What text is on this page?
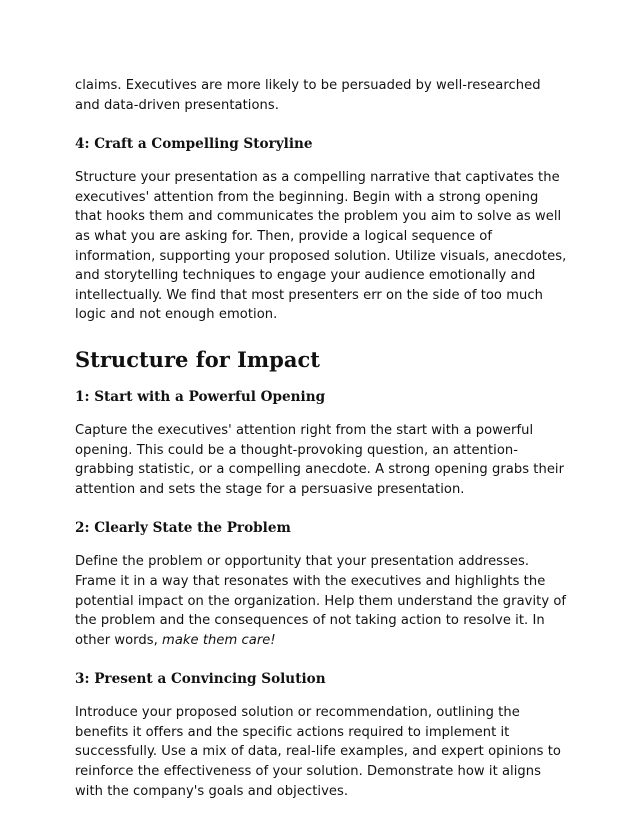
claims. Executives are more likely to be persuaded by well-researched and data-driven presentations.

4: Craft a Compelling Storyline

Structure your presentation as a compelling narrative that captivates the executives' attention from the beginning. Begin with a strong opening that hooks them and communicates the problem you aim to solve as well as what you are asking for. Then, provide a logical sequence of information, supporting your proposed solution. Utilize visuals, anecdotes, and storytelling techniques to engage your audience emotionally and intellectually. We find that most presenters err on the side of too much logic and not enough emotion.

Structure for Impact
1: Start with a Powerful Opening

Capture the executives' attention right from the start with a powerful opening. This could be a thought-provoking question, an attention-grabbing statistic, or a compelling anecdote. A strong opening grabs their attention and sets the stage for a persuasive presentation.

2: Clearly State the Problem

Define the problem or opportunity that your presentation addresses. Frame it in a way that resonates with the executives and highlights the potential impact on the organization. Help them understand the gravity of the problem and the consequences of not taking action to resolve it. In other words, make them care!

3: Present a Convincing Solution

Introduce your proposed solution or recommendation, outlining the benefits it offers and the specific actions required to implement it successfully. Use a mix of data, real-life examples, and expert opinions to reinforce the effectiveness of your solution. Demonstrate how it aligns with the company's goals and objectives.
